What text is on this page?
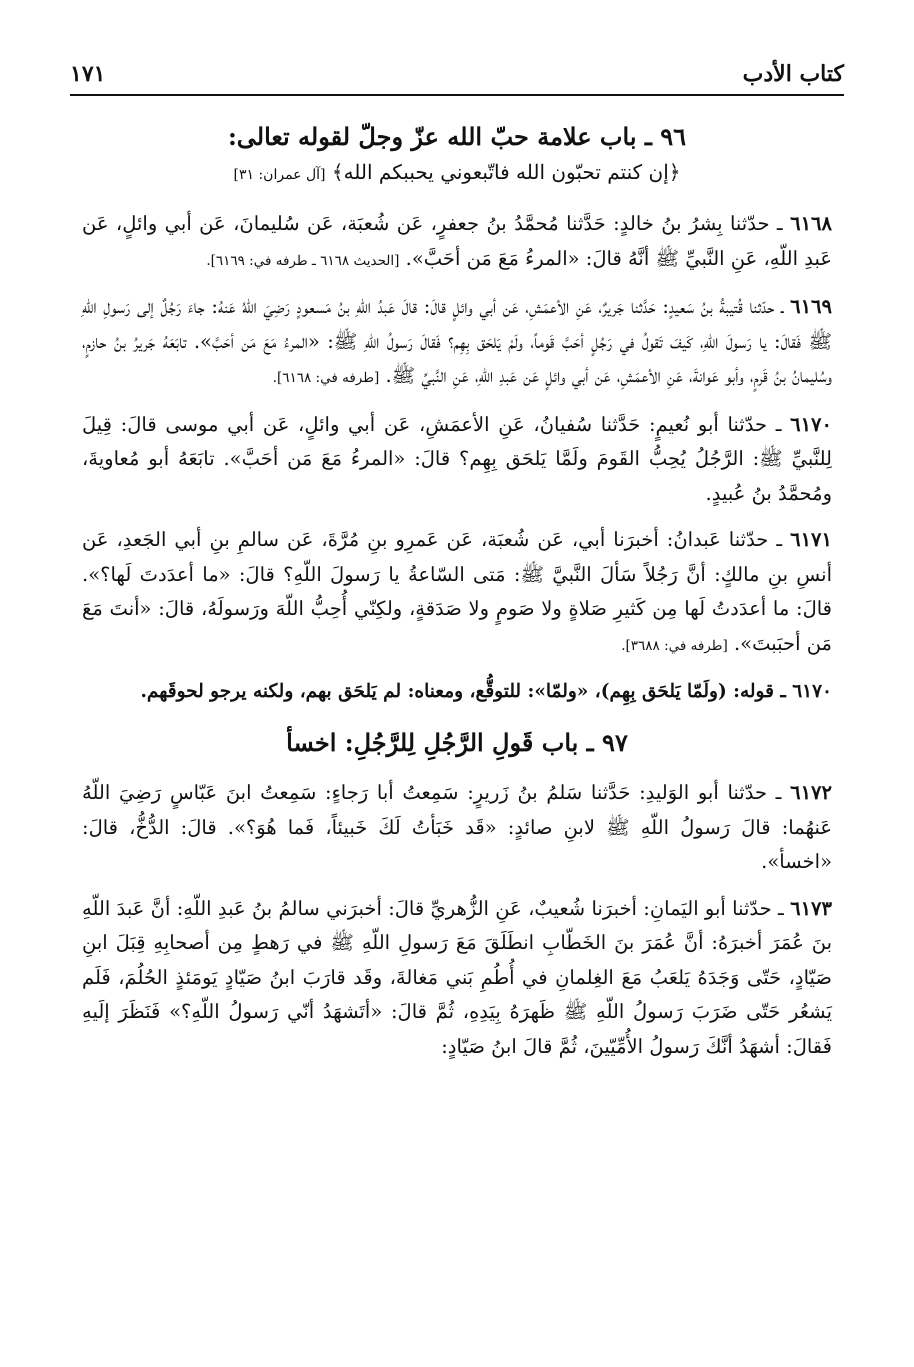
كتاب الأدب
١٧١

٩٦ ـ باب علامة حبّ الله عزّ وجلّ لقوله تعالى:

﴿إن كنتم تحبّون الله فاتّبعوني يحببكم الله﴾ [آل عمران: ٣١]

٦١٦٨ ـ حدّثنا بِشرُ بنُ خالدٍ: حَدَّثنا مُحمَّدُ بنُ جعفرٍ، عَن شُعبَة، عَن سُليمانَ، عَن أبي وائلٍ، عَن عَبدِ اللّهِ، عَنِ النَّبيِّ ﷺ أنَّهُ قالَ: «المرءُ مَعَ مَن أحَبَّ». [الحديث ٦١٦٨ ـ طرفه في: ٦١٦٩].

٦١٦٩ ـ حدّثنا قُتيبةُ بنُ سَعيدٍ: حَدَّثنا جَريرٌ، عَنِ الأعمَشِ، عَن أبي وائلٍ قالَ: قالَ عَبدُ اللّهِ بنُ مَسعودٍ رَضِيَ اللّهُ عَنهُ: جاءَ رَجُلٌ إلى رَسولِ اللّهِ ﷺ فَقالَ: يا رَسولَ اللّهِ، كَيفَ تَقولُ في رَجُلٍ أحَبَّ قَوماً، ولَمْ يَلحَق بِهِم؟ فَقالَ رَسولُ اللّهِ ﷺ: «المرءُ مَعَ مَن أحَبَّ». تابَعَهُ جَريرُ بنُ حازمٍ، وسُليمانُ بنُ قَرمٍ، وأبو عَوانةَ، عَنِ الأعمَشِ، عَن أبي وائلٍ عَن عَبدِ اللّهِ، عَنِ النَّبيِّ ﷺ. [طرفه في: ٦١٦٨].

٦١٧٠ ـ حدّثنا أبو نُعيمٍ: حَدَّثنا سُفيانُ، عَنِ الأعمَشِ، عَن أبي وائلٍ، عَن أبي موسى قالَ: قِيلَ لِلنَّبيِّ ﷺ: الرَّجُلُ يُحِبُّ القَومَ ولَمَّا يَلحَق بِهِم؟ قالَ: «المرءُ مَعَ مَن أحَبَّ». تابَعَهُ أبو مُعاويةَ، ومُحمَّدُ بنُ عُبيدٍ.

٦١٧١ ـ حدّثنا عَبدانُ: أخبرَنا أبي، عَن شُعبَة، عَن عَمرِو بنِ مُرَّةَ، عَن سالمِ بنِ أبي الجَعدِ، عَن أنسِ بنِ مالكٍ: أنَّ رَجُلاً سَألَ النَّبيَّ ﷺ: مَتى السّاعةُ يا رَسولَ اللّهِ؟ قالَ: «ما أعدَدتَ لَها؟». قالَ: ما أعدَدتُ لَها مِن كَثيرِ صَلاةٍ ولا صَومٍ ولا صَدَقةٍ، ولكِنّي أُحِبُّ اللّهَ ورَسولَهُ، قالَ: «أنتَ مَعَ مَن أحبَبتَ». [طرفه في: ٣٦٨٨].

٦١٧٠ ـ قوله: (ولَمّا يَلحَق بِهِم)، «ولمّا»: للتوقُّع، ومعناه: لم يَلحَق بهم، ولكنه يرجو لحوقَهم.

٩٧ ـ باب قَولِ الرَّجُلِ لِلرَّجُلِ: اخسأ

٦١٧٢ ـ حدّثنا أبو الوَليدِ: حَدَّثنا سَلمُ بنُ زَريرٍ: سَمِعتُ أبا رَجاءٍ: سَمِعتُ ابنَ عَبّاسٍ رَضِيَ اللّهُ عَنهُما: قالَ رَسولُ اللّهِ ﷺ لابنِ صائدٍ: «قَد خَبَأتُ لَكَ خَبيئاً، فَما هُوَ؟». قالَ: الدُّخُّ، قالَ: «اخسأ».

٦١٧٣ ـ حدّثنا أبو اليَمانِ: أخبرَنا شُعيبٌ، عَنِ الزُّهريِّ قالَ: أخبرَني سالمُ بنُ عَبدِ اللّهِ: أنَّ عَبدَ اللّهِ بنَ عُمَرَ أخبرَهُ: أنَّ عُمَرَ بنَ الخَطّابِ انطَلَقَ مَعَ رَسولِ اللّهِ ﷺ في رَهطٍ مِن أصحابِهِ قِبَلَ ابنِ صَيّادٍ، حَتّى وَجَدَهُ يَلعَبُ مَعَ الغِلمانِ في أُطُمِ بَني مَغالةَ، وقَد قارَبَ ابنُ صَيّادٍ يَومَئذٍ الحُلُمَ، فَلَم يَشعُر حَتّى ضَرَبَ رَسولُ اللّهِ ﷺ ظَهرَهُ بِيَدِهِ، ثُمَّ قالَ: «أتَشهَدُ أنّي رَسولُ اللّهِ؟» فَنَظَرَ إلَيهِ فَقالَ: أشهَدُ أنَّكَ رَسولُ الأُمِّيّينَ، ثُمَّ قالَ ابنُ صَيّادٍ:
